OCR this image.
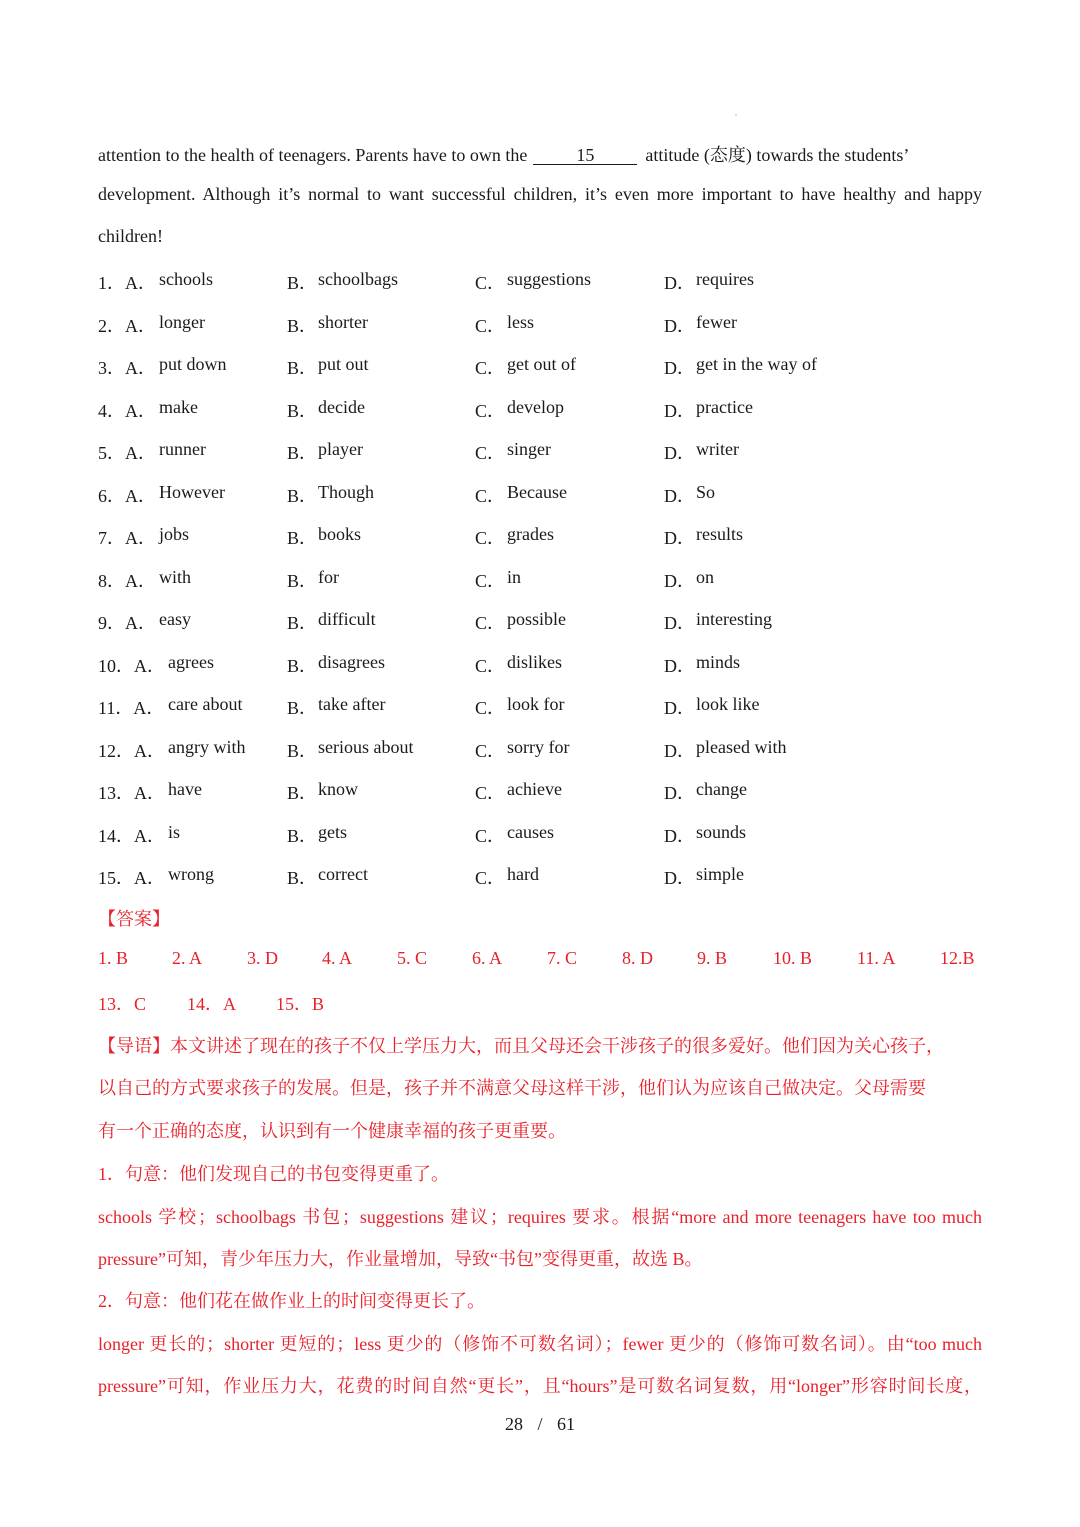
attention to the health of teenagers. Parents have to own the	15	attitude (态度) towards the students’
development. Although it’s normal to want successful children, it’s even more important to have healthy and happy
children!
1．A． schools	B． schoolbags	C． suggestions	D． requires
2．A． longer	B． shorter	C． less	D． fewer
3．A． put down	B． put out	C． get out of	D． get in the way of
4．A． make	B． decide	C． develop	D． practice
5．A． runner	B． player	C． singer	D． writer
6．A． However	B． Though	C． Because	D． So
7．A． jobs	B． books	C． grades	D． results
8．A． with	B． for	C． in	D． on
9．A． easy	B． difficult	C． possible	D． interesting
10．A． agrees	B． disagrees	C． dislikes	D． minds
11．A． care about B． take after	C． look for	D． look like
12．A． angry with B． serious about	C． sorry for	D． pleased with
13．A． have	B． know	C． achieve	D． change
14．A． is	B． gets	C． causes	D． sounds
15．A． wrong	B． correct	C． hard	D． simple
【答案】
1. B 2. A 3. D 4. A 5. C 6. A 7. C 8. D 9. B	10. B 11. A 12.B
13．C 14．A 15．B
【导语】本文讲述了现在的孩子不仅上学压力大，而且父母还会干涉孩子的很多爱好。他们因为关心孩子，
以自己的方式要求孩子的发展。但是，孩子并不满意父母这样干涉，他们认为应该自己做决定。父母需要
有一个正确的态度，认识到有一个健康幸福的孩子更重要。
1．句意：他们发现自己的书包变得更重了。
schools 学校；schoolbags 书包；suggestions 建议；requires 要求。根据“more and more teenagers have too much
pressure”可知，青少年压力大，作业量增加，导致“书包”变得更重，故选 B。
2．句意：他们花在做作业上的时间变得更长了。
longer 更长的；shorter 更短的；less 更少的（修饰不可数名词）；fewer 更少的（修饰可数名词）。由“too much
pressure”可知，作业压力大，花费的时间自然“更长”，且“hours”是可数名词复数，用“longer”形容时间长度，
28 / 61
